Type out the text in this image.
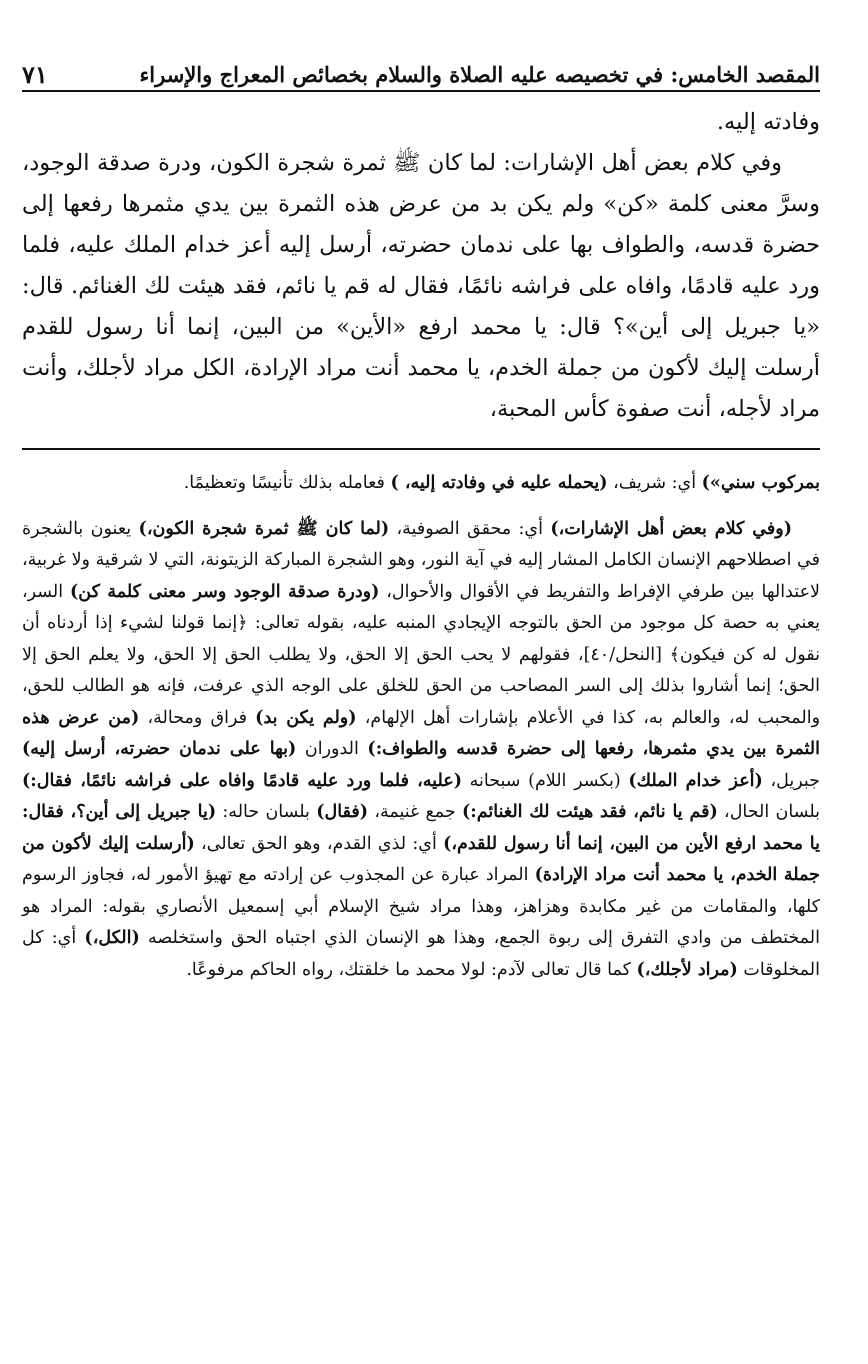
المقصد الخامس: في تخصيصه عليه الصلاة والسلام بخصائص المعراج والإسراء
٧١

وفادته إليه.

وفي كلام بعض أهل الإشارات: لما كان ﷺ ثمرة شجرة الكون، ودرة صدقة الوجود، وسرَّ معنى كلمة «كن» ولم يكن بد من عرض هذه الثمرة بين يدي مثمرها رفعها إلى حضرة قدسه، والطواف بها على ندمان حضرته، أرسل إليه أعز خدام الملك عليه، فلما ورد عليه قادمًا، وافاه على فراشه نائمًا، فقال له قم يا نائم، فقد هيئت لك الغنائم. قال: «يا جبريل إلى أين»؟ قال: يا محمد ارفع «الأين» من البين، إنما أنا رسول للقدم أرسلت إليك لأكون من جملة الخدم، يا محمد أنت مراد الإرادة، الكل مراد لأجلك، وأنت مراد لأجله، أنت صفوة كأس المحبة،

بمركوب سني») أي: شريف، (يحمله عليه في وفادته إليه، ) فعامله بذلك تأنيسًا وتعظيمًا.

(وفي كلام بعض أهل الإشارات،) أي: محقق الصوفية، (لما كان ﷺ ثمرة شجرة الكون،) يعنون بالشجرة في اصطلاحهم الإنسان الكامل المشار إليه في آية النور، وهو الشجرة المباركة الزيتونة، التي لا شرقية ولا غربية، لاعتدالها بين طرفي الإفراط والتفريط في الأقوال والأحوال، (ودرة صدقة الوجود وسر معنى كلمة كن) السر، يعني به حصة كل موجود من الحق بالتوجه الإيجادي المنبه عليه، بقوله تعالى: ﴿إنما قولنا لشيء إذا أردناه أن نقول له كن فيكون﴾ [النحل/٤٠]، فقولهم لا يحب الحق إلا الحق، ولا يطلب الحق إلا الحق، ولا يعلم الحق إلا الحق؛ إنما أشاروا بذلك إلى السر المصاحب من الحق للخلق على الوجه الذي عرفت، فإنه هو الطالب للحق، والمحبب له، والعالم به، كذا في الأعلام بإشارات أهل الإلهام، (ولم يكن بد) فراق ومحالة، (من عرض هذه الثمرة بين يدي مثمرها، رفعها إلى حضرة قدسه والطواف:) الدوران (بها على ندمان حضرته، أرسل إليه) جبريل، (أعز خدام الملك) (بكسر اللام) سبحانه (عليه، فلما ورد عليه قادمًا وافاه على فراشه نائمًا، فقال:) بلسان الحال، (قم يا نائم، فقد هيئت لك الغنائم:) جمع غنيمة، (فقال) بلسان حاله: (يا جبريل إلى أين؟، فقال: يا محمد ارفع الأين من البين، إنما أنا رسول للقدم،) أي: لذي القدم، وهو الحق تعالى، (أرسلت إليك لأكون من جملة الخدم، يا محمد أنت مراد الإرادة) المراد عبارة عن المجذوب عن إرادته مع تهيؤ الأمور له، فجاوز الرسوم كلها، والمقامات من غير مكابدة وهزاهز، وهذا مراد شيخ الإسلام أبي إسمعيل الأنصاري بقوله: المراد هو المختطف من وادي التفرق إلى ربوة الجمع، وهذا هو الإنسان الذي اجتباه الحق واستخلصه (الكل،) أي: كل المخلوقات (مراد لأجلك،) كما قال تعالى لآدم: لولا محمد ما خلقتك، رواه الحاكم مرفوعًا.
